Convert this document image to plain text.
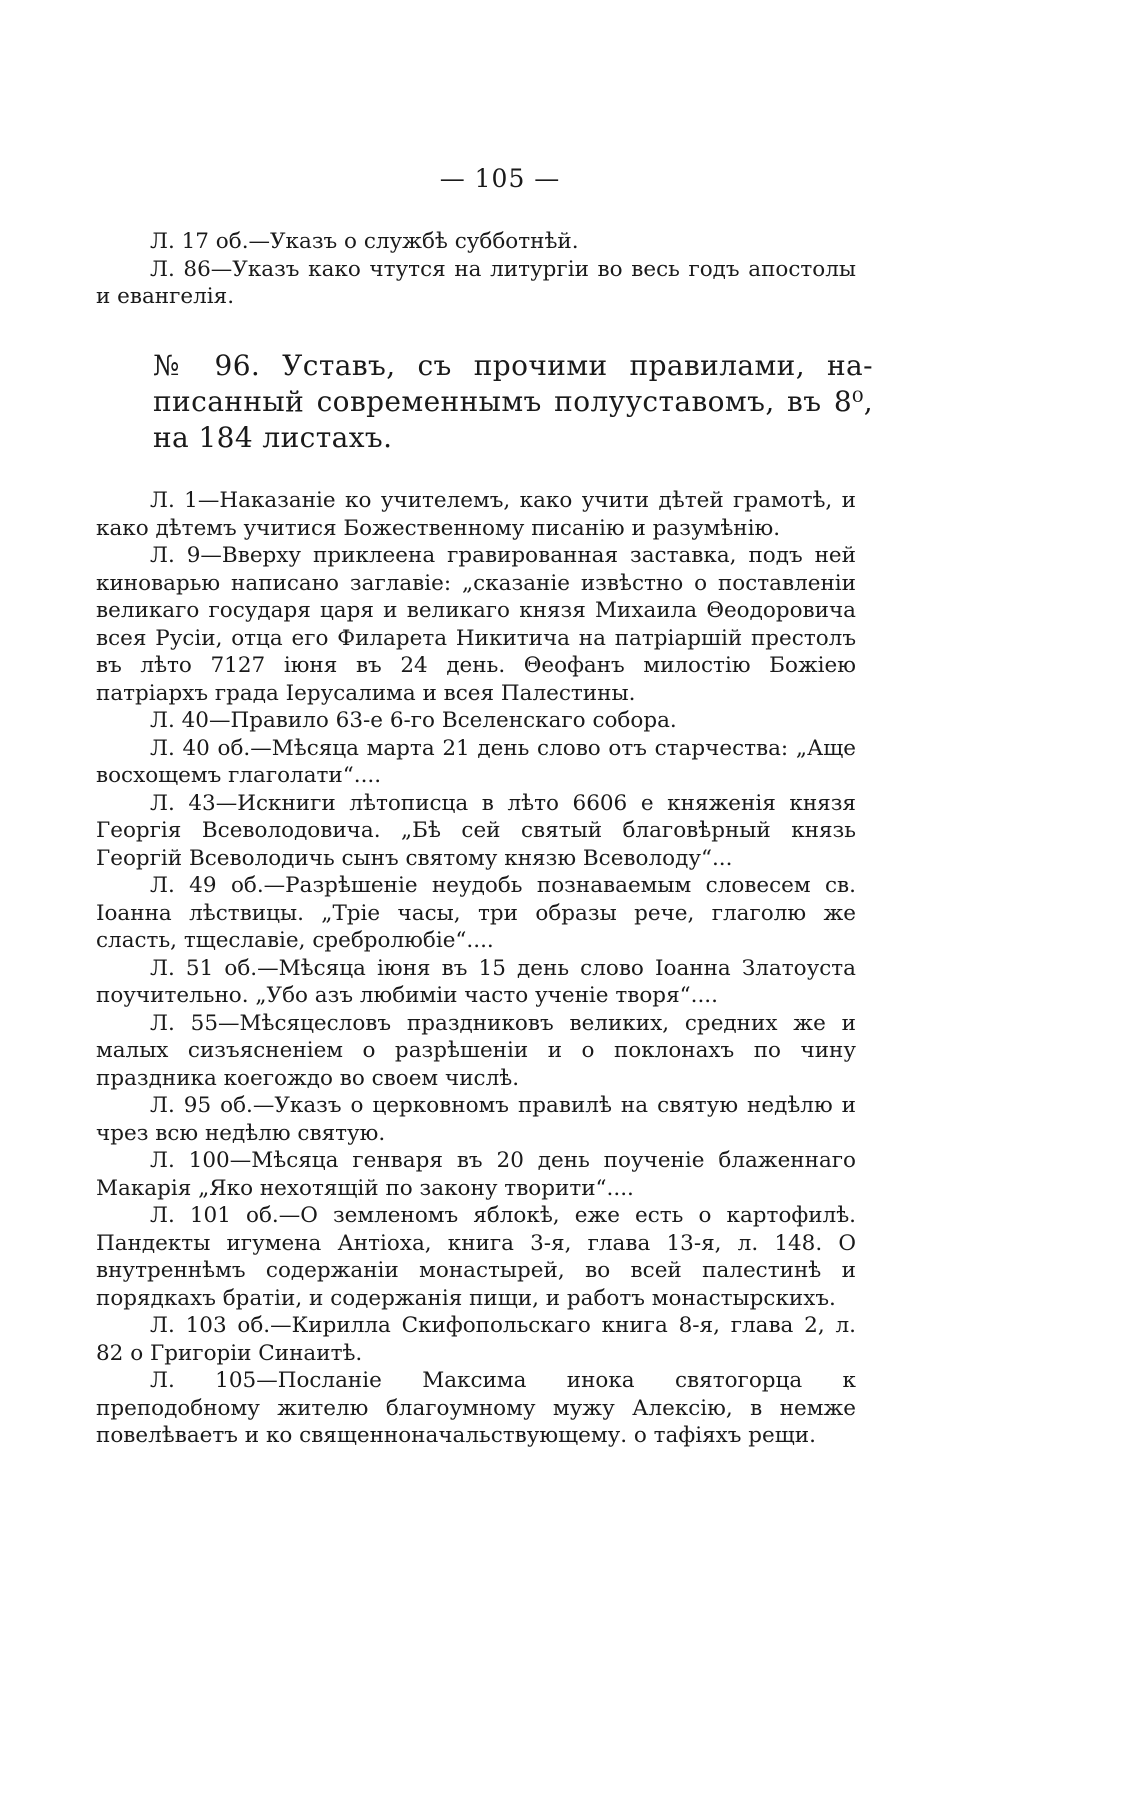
— 105 —

Л. 17 об.—Указъ о службѣ субботнѣй.

Л. 86—Указъ како чтутся на литургіи во весь годъ апостолы и евангелія.

№ 96. Уставъ, съ прочими правилами, на-
писанный современнымъ полууставомъ, въ 8⁰,
на 184 листахъ.

Л. 1—Наказаніе ко учителемъ, како учити дѣтей грамотѣ, и како дѣтемъ учитися Божественному писанію и разумѣнію.

Л. 9—Вверху приклеена гравированная заставка, подъ ней киноварью написано заглавіе: „сказаніе извѣстно о поставленіи великаго государя царя и великаго князя Михаила Θеодоровича всея Русіи, отца его Филарета Никитича на патріаршій престолъ въ лѣто 7127 іюня въ 24 день. Θеофанъ милостію Божіею патріархъ града Іерусалима и всея Палестины.

Л. 40—Правило 63-е 6-го Вселенскаго собора.

Л. 40 об.—Мѣсяца марта 21 день слово отъ старчества: „Аще восхощемъ глаголати“....

Л. 43—Искниги лѣтописца в лѣто 6606 е княженія князя Георгія Всеволодовича. „Бѣ сей святый благовѣрный князь Георгій Всеволодичь сынъ святому князю Всеволоду“...

Л. 49 об.—Разрѣшеніе неудобь познаваемым словесем св. Іоанна лѣствицы. „Тріе часы, три образы рече, глаголю же сласть, тщеславіе, сребролюбіе“....

Л. 51 об.—Мѣсяца іюня въ 15 день слово Іоанна Златоуста поучительно. „Убо азъ любиміи часто ученіе творя“....

Л. 55—Мѣсяцесловъ праздниковъ великих, средних же и малых сизъясненіем о разрѣшеніи и о поклонахъ по чину праздника коегождо во своем числѣ.

Л. 95 об.—Указъ о церковномъ правилѣ на святую недѣлю и чрез всю недѣлю святую.

Л. 100—Мѣсяца генваря въ 20 день поученіе блаженнаго Макарія „Яко нехотящій по закону творити“....

Л. 101 об.—О земленомъ яблокѣ, еже есть о картофилѣ. Пандекты игумена Антіоха, книга 3-я, глава 13-я, л. 148. О внутреннѣмъ содержаніи монастырей, во всей палестинѣ и порядкахъ братіи, и содержанія пищи, и работъ монастырскихъ.

Л. 103 об.—Кирилла Скифопольскаго книга 8-я, глава 2, л. 82 о Григоріи Синаитѣ.

Л. 105—Посланіе Максима инока святогорца к преподобному жителю благоумному мужу Алексію, в немже повелѣваетъ и ко священноначальствующему. о тафіяхъ рещи.
